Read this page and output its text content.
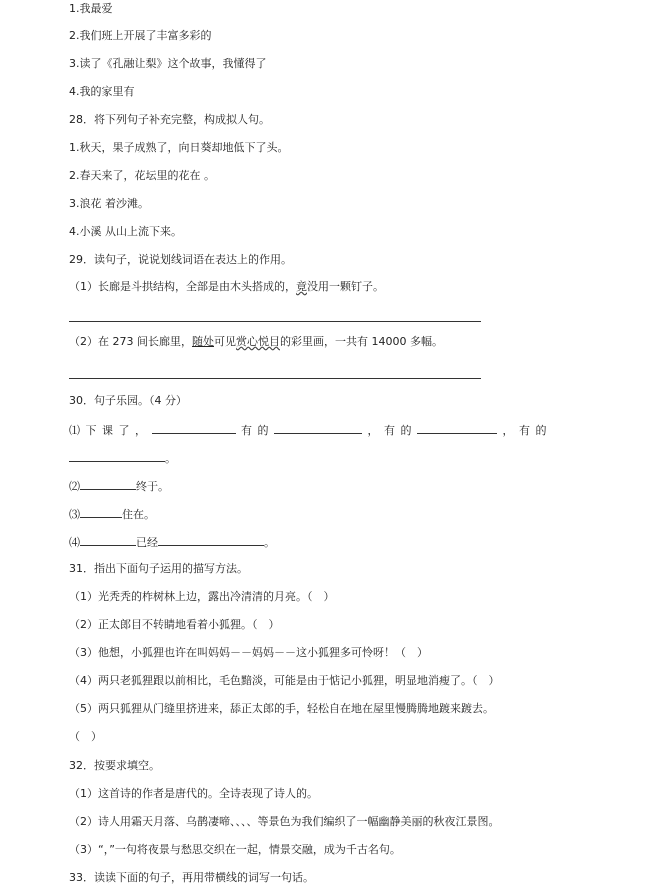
1.我最爱
2.我们班上开展了丰富多彩的
3.读了《孔融让梨》这个故事，我懂得了
4.我的家里有
28．将下列句子补充完整，构成拟人句。
1.秋天，果子成熟了，向日葵却地低下了头。
2.春天来了，花坛里的花在 。
3.浪花 着沙滩。
4.小溪 从山上流下来。
29．读句子，说说划线词语在表达上的作用。
（1）长廊是斗拱结构，全部是由木头搭成的，竟没用一颗钉子。
（2）在 273 间长廊里，随处可见赏心悦目的彩里画，一共有 14000 多幅。
30．句子乐园。（4 分）
⑴ 下 课 了 ，	有 的	， 有 的	， 有 的
。
⑵	终于。
⑶	住在。
⑷	已经	。
31．指出下面句子运用的描写方法。
（1）光秃秃的柞树林上边，露出冷清清的月亮。（　）
（2）正太郎目不转睛地看着小狐狸。（　）
（3）他想，小狐狸也许在叫妈妈－－妈妈－－这小狐狸多可怜呀！（　）
（4）两只老狐狸跟以前相比，毛色黯淡，可能是由于惦记小狐狸，明显地消瘦了。（　）
（5）两只狐狸从门缝里挤进来，舔正太郎的手，轻松自在地在屋里慢腾腾地踱来踱去。
（　）
32．按要求填空。
（1）这首诗的作者是唐代的。全诗表现了诗人的。
（2）诗人用霜天月落、乌鹊凄啼、、、、等景色为我们编织了一幅幽静美丽的秋夜江景图。
（3）“，”一句将夜景与愁思交织在一起，情景交融，成为千古名句。
33．读读下面的句子，再用带横线的词写一句话。
